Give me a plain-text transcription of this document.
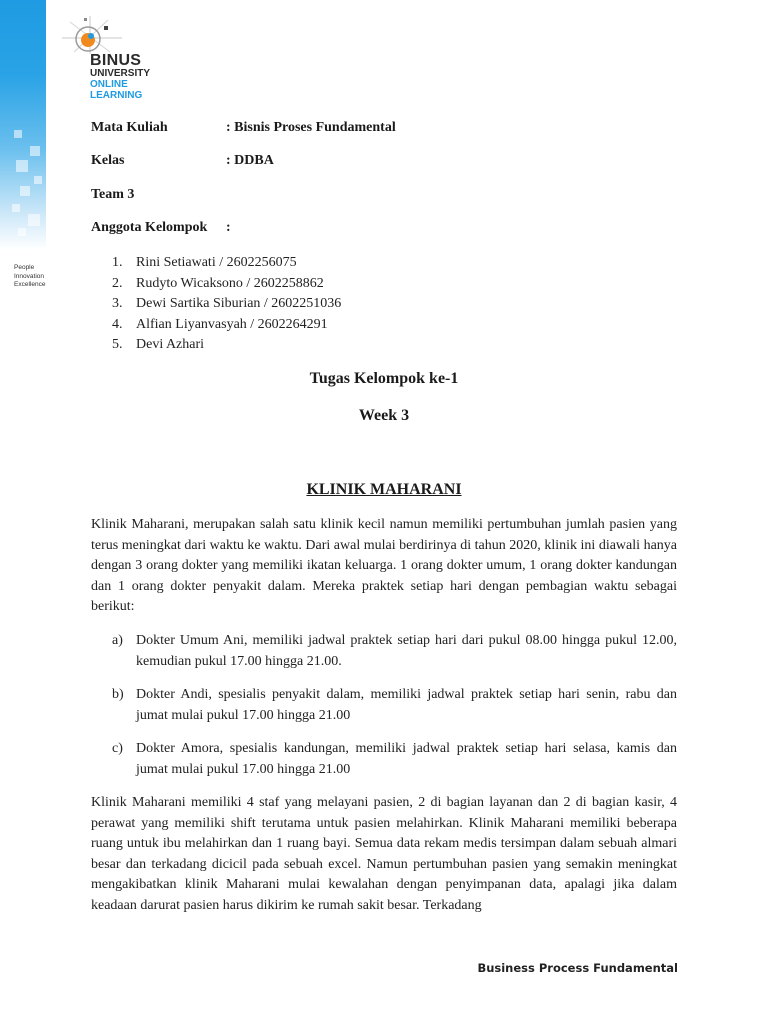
People
Innovation
Excellence
BINUS
UNIVERSITY
ONLINE
LEARNING
Mata Kuliah	: Bisnis Proses Fundamental
Kelas	: DDBA
Team 3
Anggota Kelompok :
1. Rini Setiawati / 2602256075
2. Rudyto Wicaksono / 2602258862
3. Dewi Sartika Siburian / 2602251036
4. Alfian Liyanvasyah / 2602264291
5. Devi Azhari
Tugas Kelompok ke-1
Week 3
KLINIK MAHARANI
Klinik Maharani, merupakan salah satu klinik kecil namun memiliki pertumbuhan jumlah pasien yang terus meningkat dari waktu ke waktu. Dari awal mulai berdirinya di tahun 2020, klinik ini diawali hanya dengan 3 orang dokter yang memiliki ikatan keluarga. 1 orang dokter umum, 1 orang dokter kandungan dan 1 orang dokter penyakit dalam. Mereka praktek setiap hari dengan pembagian waktu sebagai berikut:
a) Dokter Umum Ani, memiliki jadwal praktek setiap hari dari pukul 08.00 hingga pukul 12.00, kemudian pukul 17.00 hingga 21.00.
b) Dokter Andi, spesialis penyakit dalam, memiliki jadwal praktek setiap hari senin, rabu dan jumat mulai pukul 17.00 hingga 21.00
c) Dokter Amora, spesialis kandungan, memiliki jadwal praktek setiap hari selasa, kamis dan jumat mulai pukul 17.00 hingga 21.00
Klinik Maharani memiliki 4 staf yang melayani pasien, 2 di bagian layanan dan 2 di bagian kasir, 4 perawat yang memiliki shift terutama untuk pasien melahirkan. Klinik Maharani memiliki beberapa ruang untuk ibu melahirkan dan 1 ruang bayi. Semua data rekam medis tersimpan dalam sebuah almari besar dan terkadang dicicil pada sebuah excel. Namun pertumbuhan pasien yang semakin meningkat mengakibatkan klinik Maharani mulai kewalahan dengan penyimpanan data, apalagi jika dalam keadaan darurat pasien harus dikirim ke rumah sakit besar. Terkadang
Business Process Fundamental
